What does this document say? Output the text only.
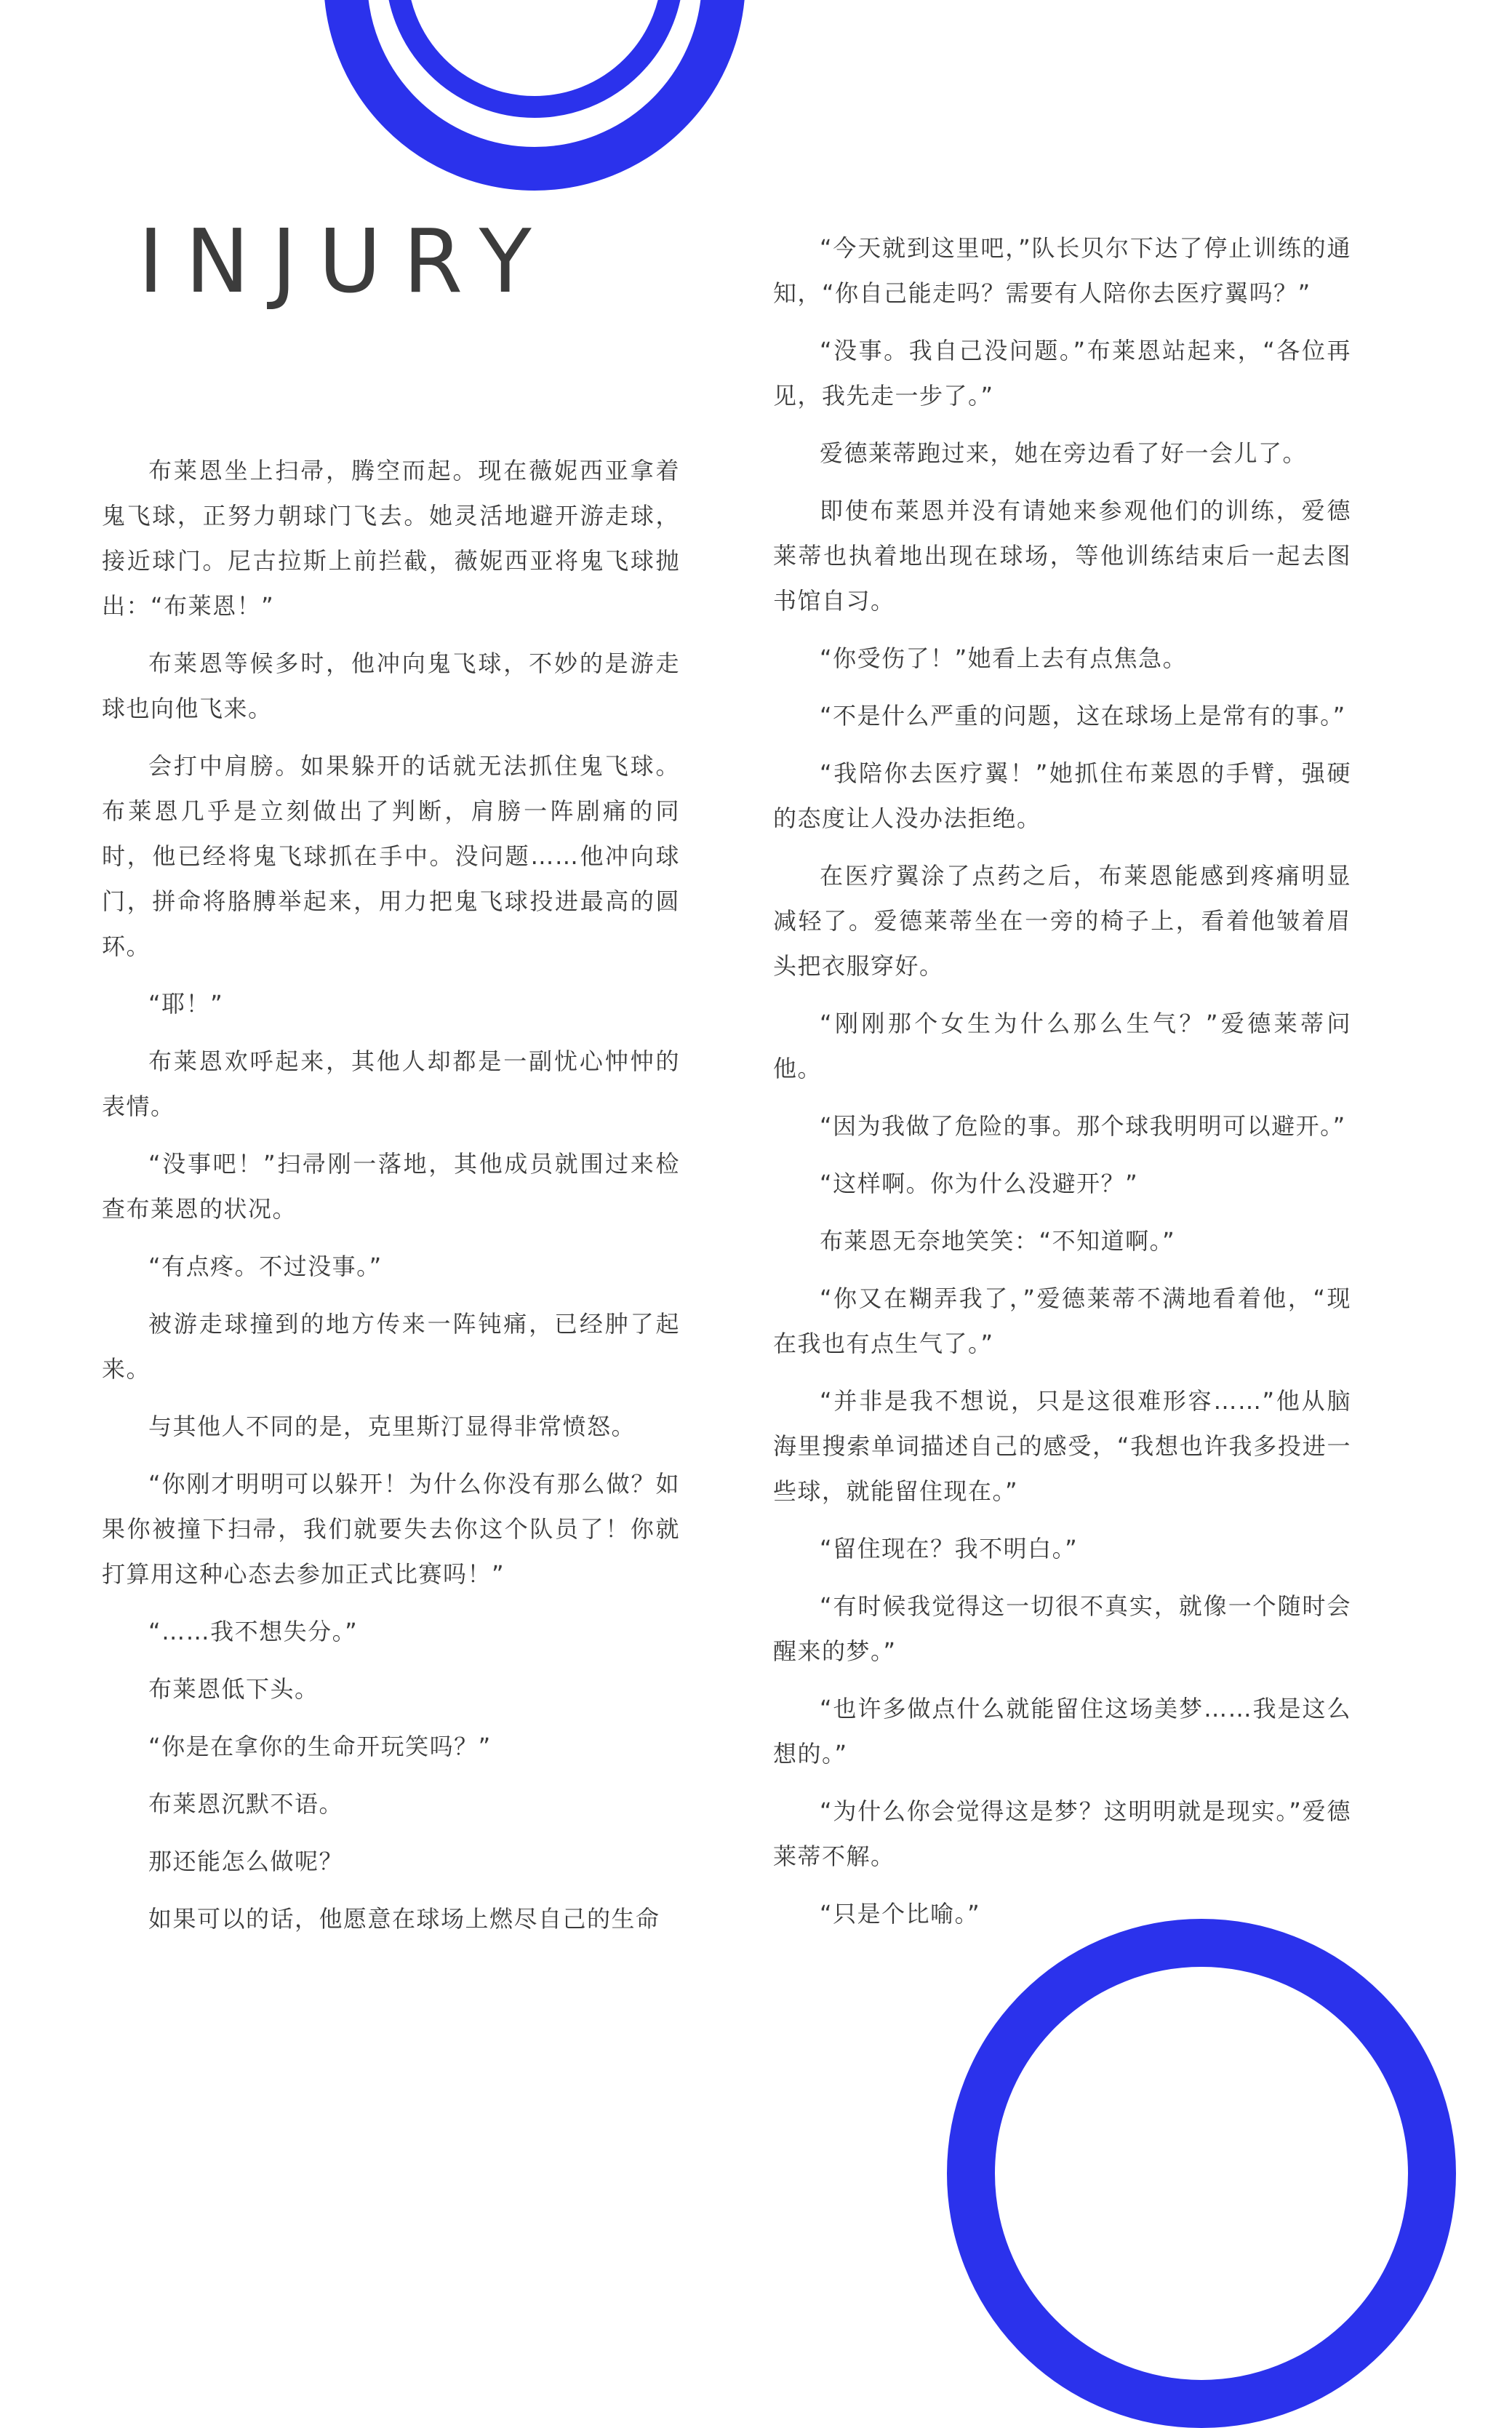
INJURY

布莱恩坐上扫帚，腾空而起。现在薇妮西亚拿着鬼飞球，正努力朝球门飞去。她灵活地避开游走球，接近球门。尼古拉斯上前拦截，薇妮西亚将鬼飞球抛出：“布莱恩！”

布莱恩等候多时，他冲向鬼飞球，不妙的是游走球也向他飞来。

会打中肩膀。如果躲开的话就无法抓住鬼飞球。布莱恩几乎是立刻做出了判断，肩膀一阵剧痛的同时，他已经将鬼飞球抓在手中。没问题……他冲向球门，拼命将胳膊举起来，用力把鬼飞球投进最高的圆环。

“耶！”

布莱恩欢呼起来，其他人却都是一副忧心忡忡的表情。

“没事吧！”扫帚刚一落地，其他成员就围过来检查布莱恩的状况。

“有点疼。不过没事。”

被游走球撞到的地方传来一阵钝痛，已经肿了起来。

与其他人不同的是，克里斯汀显得非常愤怒。

“你刚才明明可以躲开！为什么你没有那么做？如果你被撞下扫帚，我们就要失去你这个队员了！你就打算用这种心态去参加正式比赛吗！”

“……我不想失分。”

布莱恩低下头。

“你是在拿你的生命开玩笑吗？”

布莱恩沉默不语。

那还能怎么做呢？

如果可以的话，他愿意在球场上燃尽自己的生命

“今天就到这里吧，”队长贝尔下达了停止训练的通知，“你自己能走吗？需要有人陪你去医疗翼吗？”

“没事。我自己没问题。”布莱恩站起来，“各位再见，我先走一步了。”

爱德莱蒂跑过来，她在旁边看了好一会儿了。

即使布莱恩并没有请她来参观他们的训练，爱德莱蒂也执着地出现在球场，等他训练结束后一起去图书馆自习。

“你受伤了！”她看上去有点焦急。

“不是什么严重的问题，这在球场上是常有的事。”

“我陪你去医疗翼！”她抓住布莱恩的手臂，强硬的态度让人没办法拒绝。

在医疗翼涂了点药之后，布莱恩能感到疼痛明显减轻了。爱德莱蒂坐在一旁的椅子上，看着他皱着眉头把衣服穿好。

“刚刚那个女生为什么那么生气？”爱德莱蒂问他。

“因为我做了危险的事。那个球我明明可以避开。”

“这样啊。你为什么没避开？”

布莱恩无奈地笑笑：“不知道啊。”

“你又在糊弄我了，”爱德莱蒂不满地看着他，“现在我也有点生气了。”

“并非是我不想说，只是这很难形容……”他从脑海里搜索单词描述自己的感受，“我想也许我多投进一些球，就能留住现在。”

“留住现在？我不明白。”

“有时候我觉得这一切很不真实，就像一个随时会醒来的梦。”

“也许多做点什么就能留住这场美梦……我是这么想的。”

“为什么你会觉得这是梦？这明明就是现实。”爱德莱蒂不解。

“只是个比喻。”
